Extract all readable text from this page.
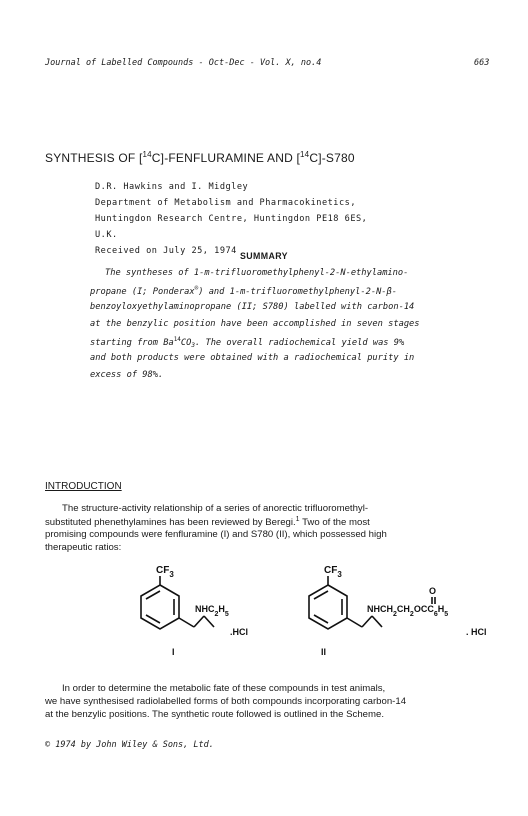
Journal of Labelled Compounds - Oct-Dec - Vol. X, no.4	663
SYNTHESIS OF [$^{14}$C]-FENFLURAMINE AND [$^{14}$C]-S780
D.R. Hawkins and I. Midgley
Department of Metabolism and Pharmacokinetics,
Huntingdon Research Centre, Huntingdon PE18 6ES,
U.K.
Received on July 25, 1974 SUMMARY
The syntheses of 1-m-trifluoromethylphenyl-2-N-ethylamino-
propane (I; Ponderax®) and 1-m-trifluoromethylphenyl-2-N-β-
benzoyloxyethylaminopropane (II; S780) labelled with carbon-14
at the benzylic position have been accomplished in seven stages
starting from $Ba^{14}CO_3$. The overall radiochemical yield was 9%
and both products were obtained with a radiochemical purity in
excess of 98%.
INTRODUCTION
The structure-activity relationship of a series of anorectic trifluoromethyl-
substituted phenethylamines has been reviewed by Beregi.$^1$ Two of the most
promising compounds were fenfluramine (I) and S780 (II), which possessed high
therapeutic ratios:
$CF_3$
$NHC_2H_5$
.HCl
I
$CF_3$
O
$NHCH_2CH_2OCC_6H_5$
. HCl
II
In order to determine the metabolic fate of these compounds in test animals,
we have synthesised radiolabelled forms of both compounds incorporating carbon-14
at the benzylic positions. The synthetic route followed is outlined in the Scheme.
© 1974 by John Wiley & Sons, Ltd.
